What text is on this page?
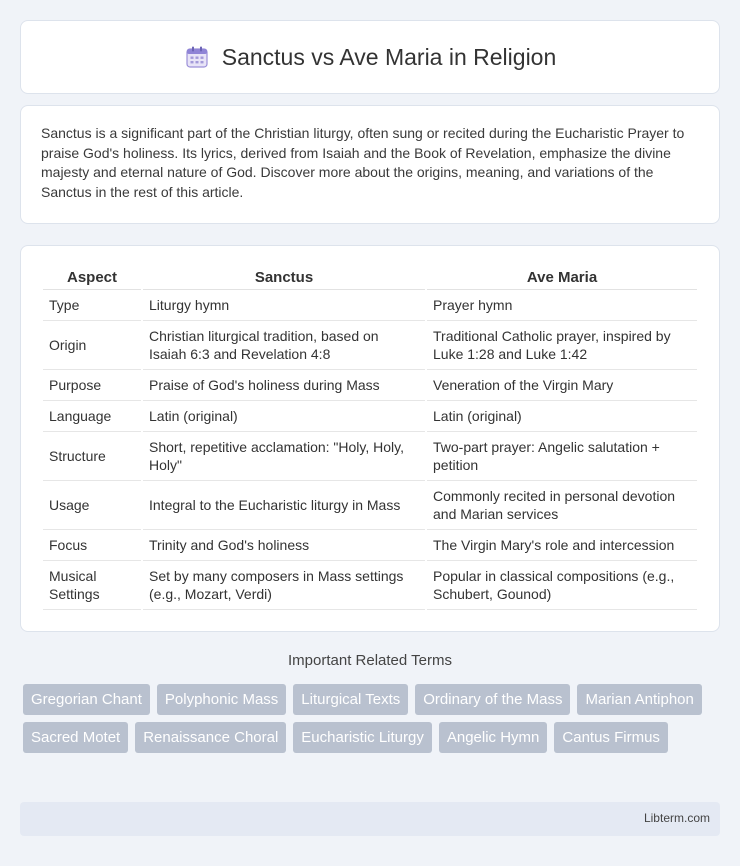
Sanctus vs Ave Maria in Religion

Sanctus is a significant part of the Christian liturgy, often sung or recited during the Eucharistic Prayer to praise God's holiness. Its lyrics, derived from Isaiah and the Book of Revelation, emphasize the divine majesty and eternal nature of God. Discover more about the origins, meaning, and variations of the Sanctus in the rest of this article.

Aspect	Sanctus	Ave Maria
Type	Liturgy hymn	Prayer hymn
Origin	Christian liturgical tradition, based on Isaiah 6:3 and Revelation 4:8	Traditional Catholic prayer, inspired by Luke 1:28 and Luke 1:42
Purpose	Praise of God's holiness during Mass	Veneration of the Virgin Mary
Language	Latin (original)	Latin (original)
Structure	Short, repetitive acclamation: "Holy, Holy, Holy"	Two-part prayer: Angelic salutation + petition
Usage	Integral to the Eucharistic liturgy in Mass	Commonly recited in personal devotion and Marian services
Focus	Trinity and God's holiness	The Virgin Mary's role and intercession
Musical Settings	Set by many composers in Mass settings (e.g., Mozart, Verdi)	Popular in classical compositions (e.g., Schubert, Gounod)
Important Related Terms
Gregorian Chant	Polyphonic Mass	Liturgical Texts	Ordinary of the Mass	Marian Antiphon
Sacred Motet	Renaissance Choral	Eucharistic Liturgy	Angelic Hymn	Cantus Firmus
Libterm.com
